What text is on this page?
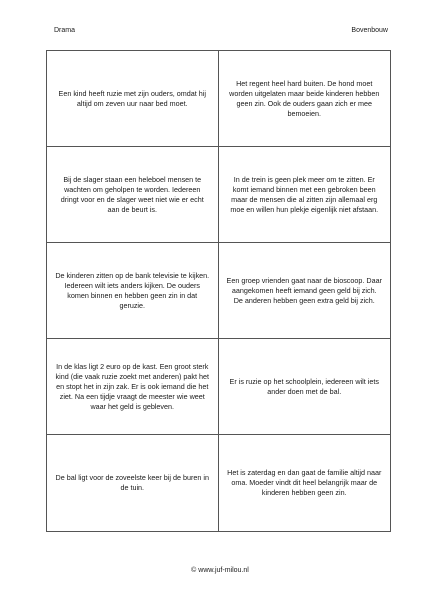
Drama	Bovenbouw
Een kind heeft ruzie met zijn ouders, omdat hij altijd om zeven uur naar bed moet.
Het regent heel hard buiten. De hond moet worden uitgelaten maar beide kinderen hebben geen zin. Ook de ouders gaan zich er mee bemoeien.
Bij de slager staan een heleboel mensen te wachten om geholpen te worden. Iedereen dringt voor en de slager weet niet wie er echt aan de beurt is.
In de trein is geen plek meer om te zitten. Er komt iemand binnen met een gebroken been maar de mensen die al zitten zijn allemaal erg moe en willen hun plekje eigenlijk niet afstaan.
De kinderen zitten op de bank televisie te kijken. Iedereen wilt iets anders kijken. De ouders komen binnen en hebben geen zin in dat geruzie.
Een groep vrienden gaat naar de bioscoop. Daar aangekomen heeft iemand geen geld bij zich. De anderen hebben geen extra geld bij zich.
In de klas ligt 2 euro op de kast. Een groot sterk kind (die vaak ruzie zoekt met anderen) pakt het en stopt het in zijn zak. Er is ook iemand die het ziet. Na een tijdje vraagt de meester wie weet waar het geld is gebleven.
Er is ruzie op het schoolplein, iedereen wilt iets ander doen met de bal.
De bal ligt voor de zoveelste keer bij de buren in de tuin.
Het is zaterdag en dan gaat de familie altijd naar oma. Moeder vindt dit heel belangrijk maar de kinderen hebben geen zin.
© www.juf-milou.nl
